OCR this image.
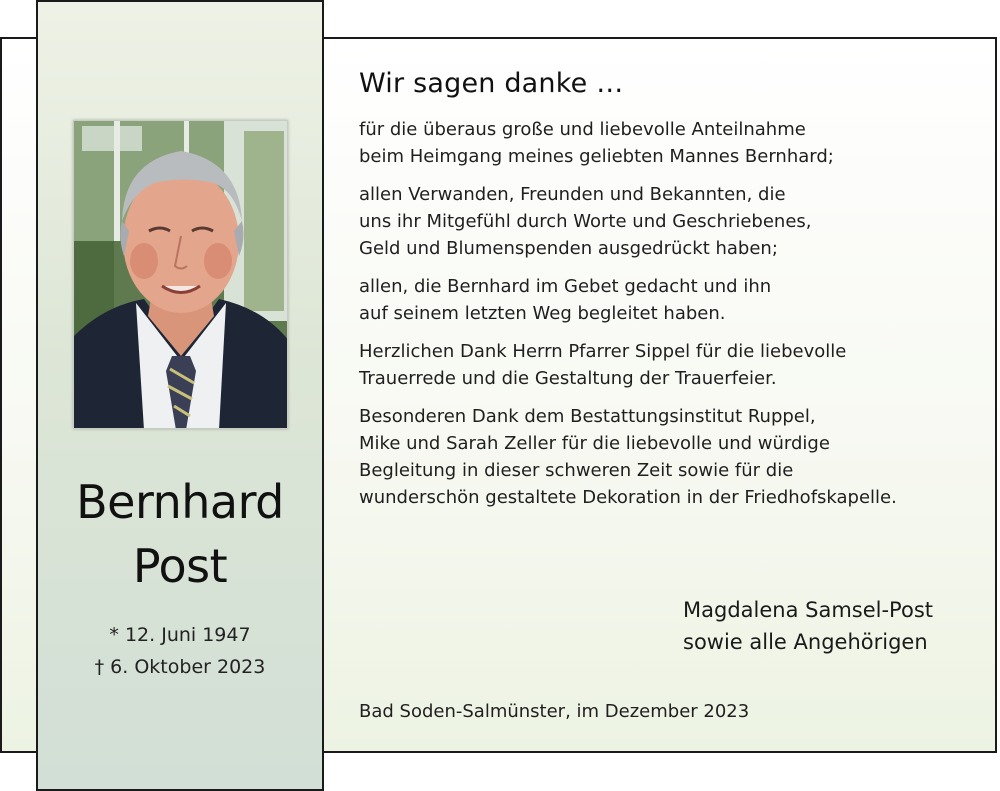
Bernhard
Post
* 12. Juni 1947
† 6. Oktober 2023
Wir sagen danke …
für die überaus große und liebevolle Anteilnahme
beim Heimgang meines geliebten Mannes Bernhard;
allen Verwanden, Freunden und Bekannten, die
uns ihr Mitgefühl durch Worte und Geschriebenes,
Geld und Blumenspenden ausgedrückt haben;
allen, die Bernhard im Gebet gedacht und ihn
auf seinem letzten Weg begleitet haben.
Herzlichen Dank Herrn Pfarrer Sippel für die liebevolle
Trauerrede und die Gestaltung der Trauerfeier.
Besonderen Dank dem Bestattungsinstitut Ruppel,
Mike und Sarah Zeller für die liebevolle und würdige
Begleitung in dieser schweren Zeit sowie für die
wunderschön gestaltete Dekoration in der Friedhofskapelle.
Magdalena Samsel-Post
sowie alle Angehörigen
Bad Soden-Salmünster, im Dezember 2023
